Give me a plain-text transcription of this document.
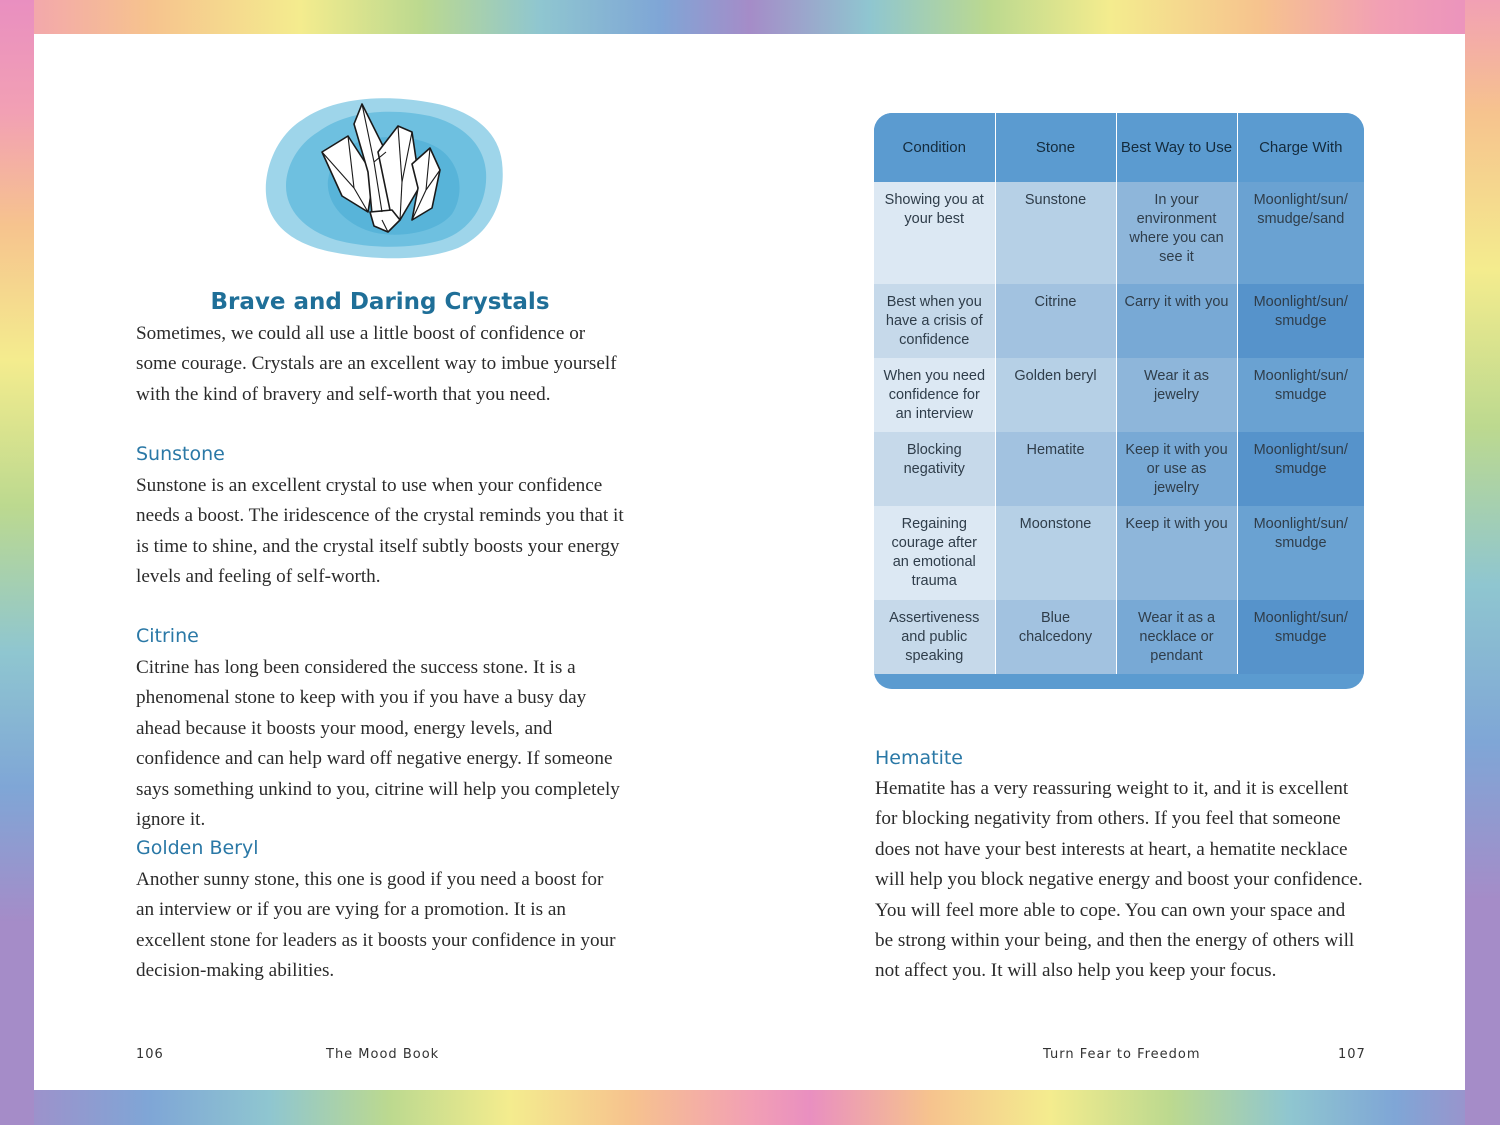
Brave and Daring Crystals

Sometimes, we could all use a little boost of confidence or some courage. Crystals are an excellent way to imbue yourself with the kind of bravery and self-worth that you need.

Sunstone

Sunstone is an excellent crystal to use when your confidence needs a boost. The iridescence of the crystal reminds you that it is time to shine, and the crystal itself subtly boosts your energy levels and feeling of self-worth.

Citrine

Citrine has long been considered the success stone. It is a phenomenal stone to keep with you if you have a busy day ahead because it boosts your mood, energy levels, and confidence and can help ward off negative energy. If someone says something unkind to you, citrine will help you completely ignore it.

Golden Beryl

Another sunny stone, this one is good if you need a boost for an interview or if you are vying for a promotion. It is an excellent stone for leaders as it boosts your confidence in your decision-making abilities.

106	The Mood Book
Condition	Stone	Best Way to Use	Charge With
Showing you at your best	Sunstone	In your environment where you can see it	Moonlight/sun/ smudge/sand
Best when you have a crisis of confidence	Citrine	Carry it with you	Moonlight/sun/ smudge
When you need confidence for an interview	Golden beryl	Wear it as jewelry	Moonlight/sun/ smudge
Blocking negativity	Hematite	Keep it with you or use as jewelry	Moonlight/sun/ smudge
Regaining courage after an emotional trauma	Moonstone	Keep it with you	Moonlight/sun/ smudge
Assertiveness and public speaking	Blue chalcedony	Wear it as a necklace or pendant	Moonlight/sun/ smudge
Hematite

Hematite has a very reassuring weight to it, and it is excellent for blocking negativity from others. If you feel that someone does not have your best interests at heart, a hematite necklace will help you block negative energy and boost your confidence. You will feel more able to cope. You can own your space and be strong within your being, and then the energy of others will not affect you. It will also help you keep your focus.

Turn Fear to Freedom	107
